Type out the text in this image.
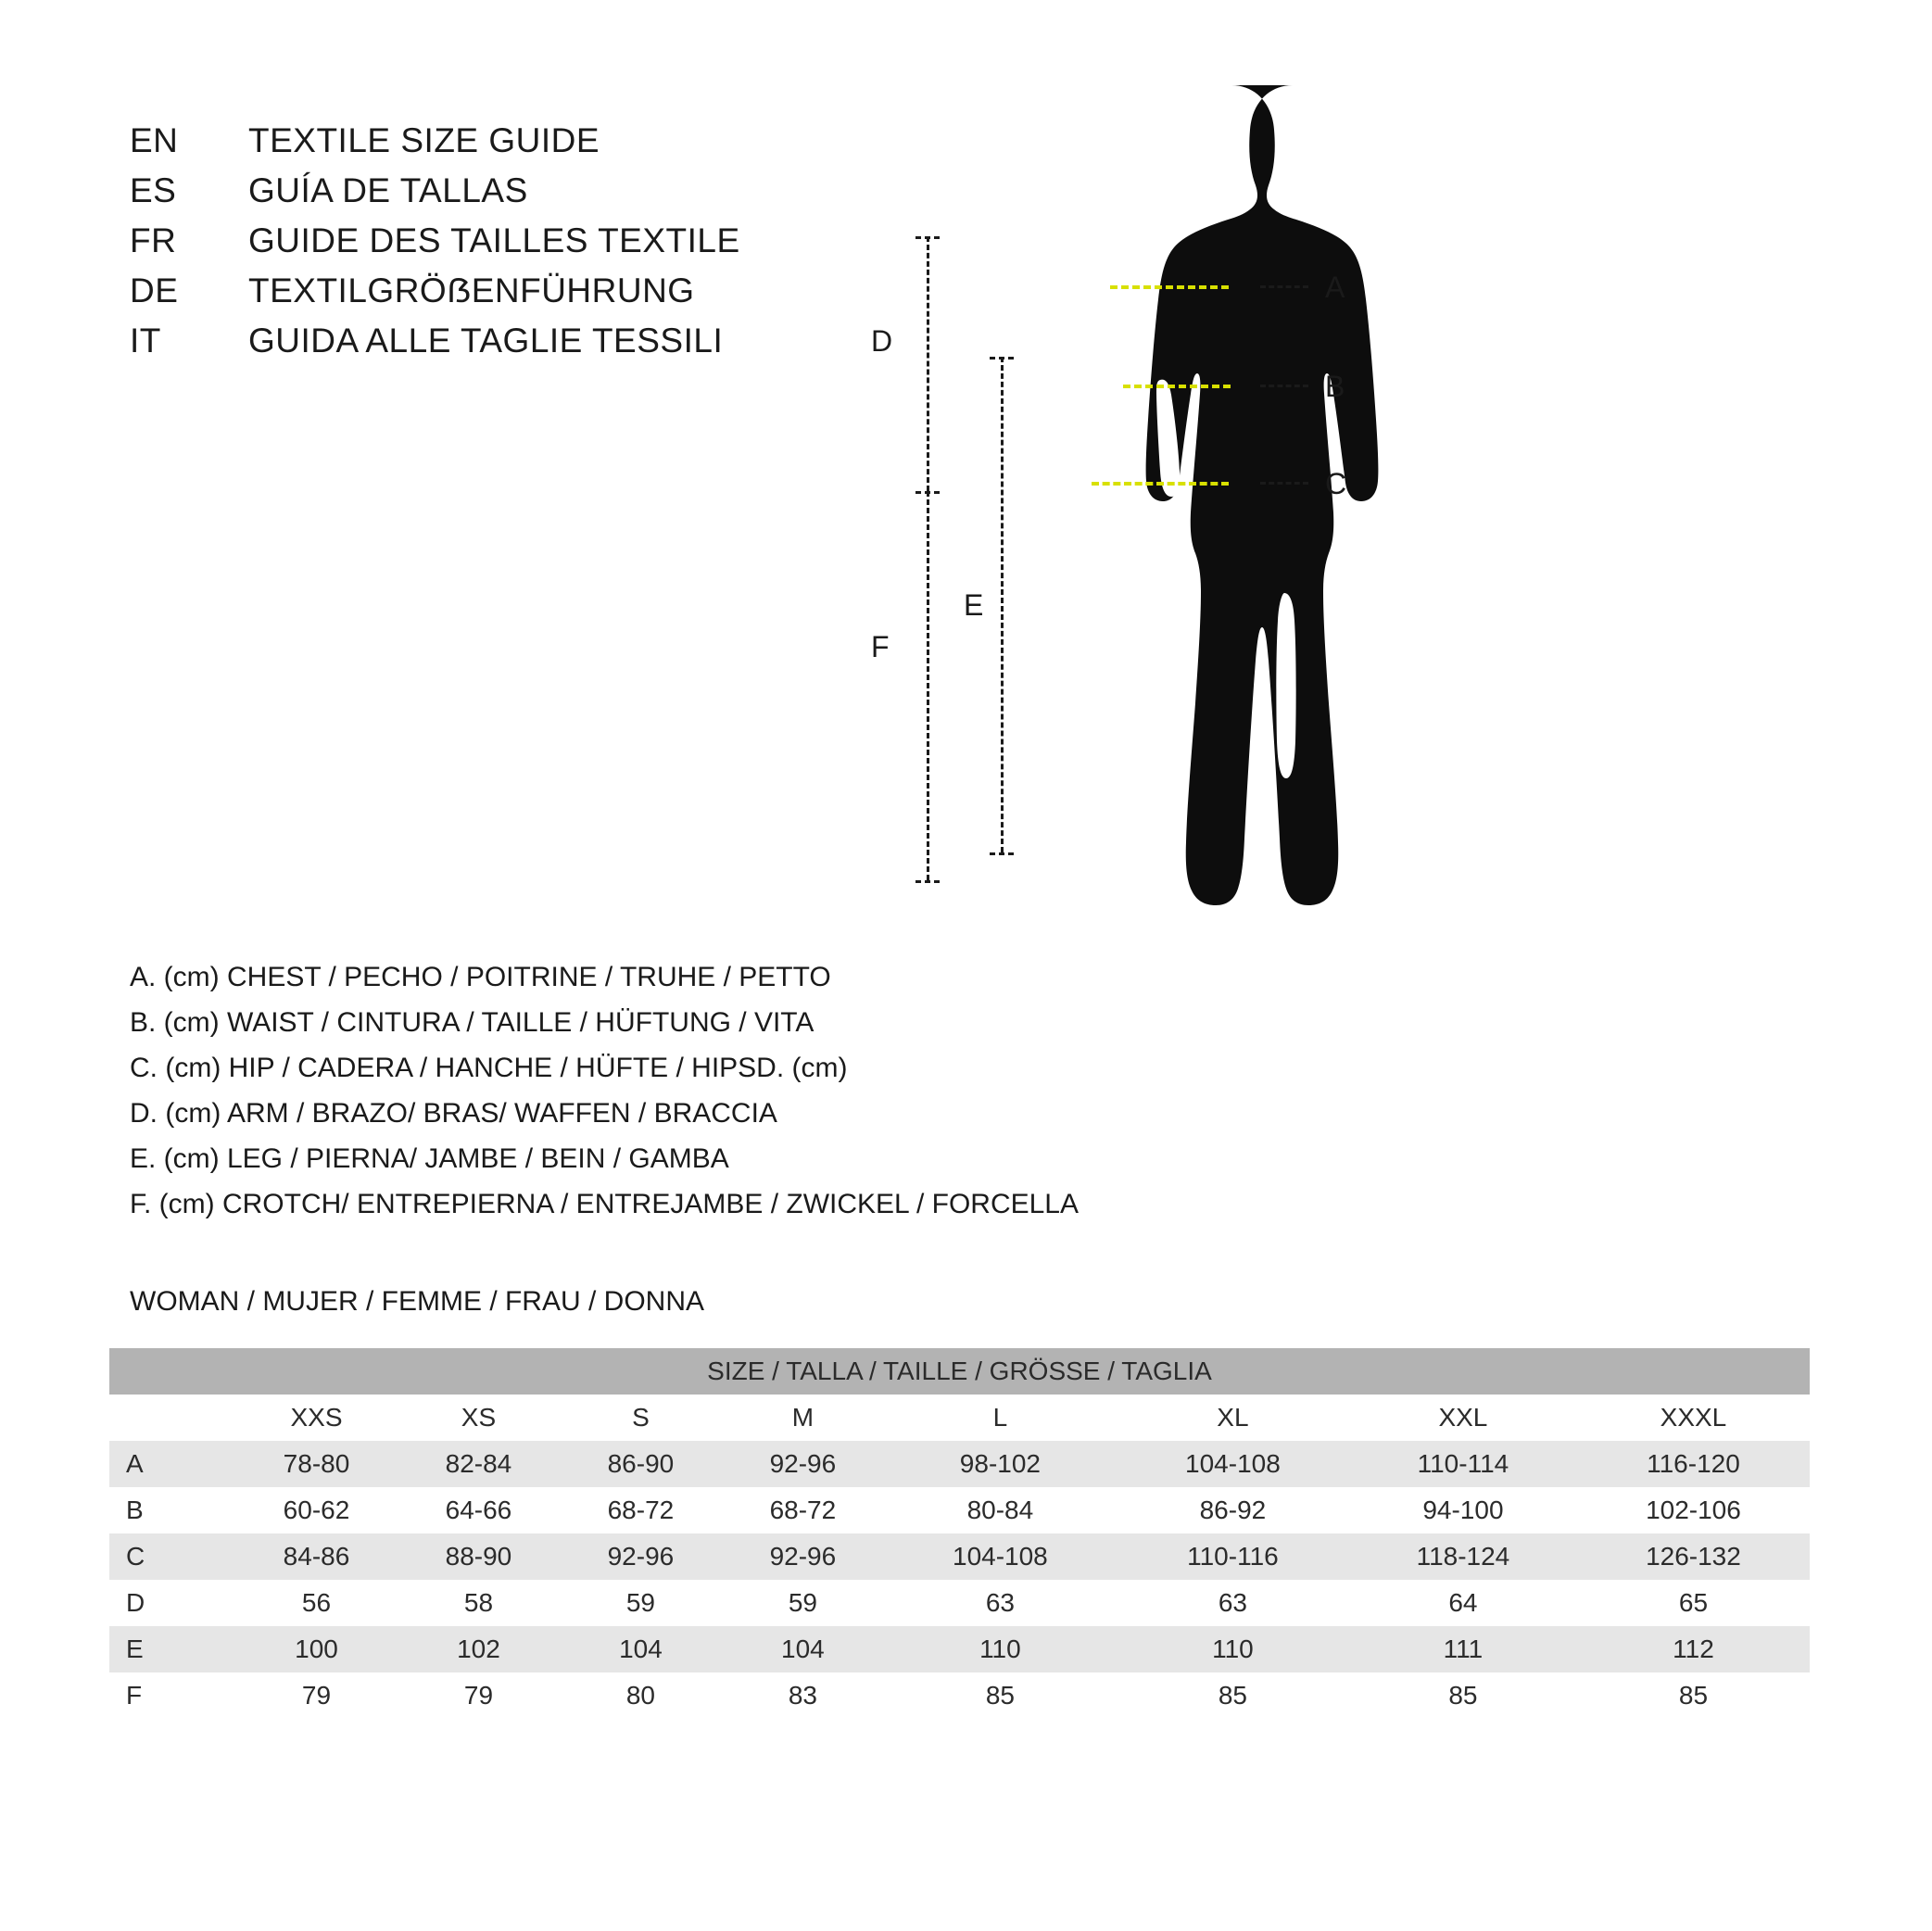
EN	TEXTILE SIZE GUIDE
ES	GUÍA DE TALLAS
FR	GUIDE DES TAILLES TEXTILE
DE	TEXTILGRÖẞENFÜHRUNG
IT	GUIDA ALLE TAGLIE TESSILI
A
B
C
D
F
E
A. (cm) CHEST / PECHO / POITRINE / TRUHE / PETTO
B. (cm) WAIST / CINTURA / TAILLE / HÜFTUNG / VITA
C. (cm) HIP / CADERA / HANCHE / HÜFTE / HIPSD. (cm)
D. (cm) ARM / BRAZO/ BRAS/ WAFFEN / BRACCIA
E. (cm) LEG / PIERNA/ JAMBE / BEIN / GAMBA
F. (cm) CROTCH/ ENTREPIERNA / ENTREJAMBE / ZWICKEL / FORCELLA
WOMAN / MUJER / FEMME / FRAU / DONNA
SIZE / TALLA / TAILLE / GRÖSSE / TAGLIA								
	XXS	XS	S	M	L	XL	XXL	XXXL
A	78-80	82-84	86-90	92-96	98-102	104-108	110-114	116-120
B	60-62	64-66	68-72	68-72	80-84	86-92	94-100	102-106
C	84-86	88-90	92-96	92-96	104-108	110-116	118-124	126-132
D	56	58	59	59	63	63	64	65
E	100	102	104	104	110	110	111	112
F	79	79	80	83	85	85	85	85
